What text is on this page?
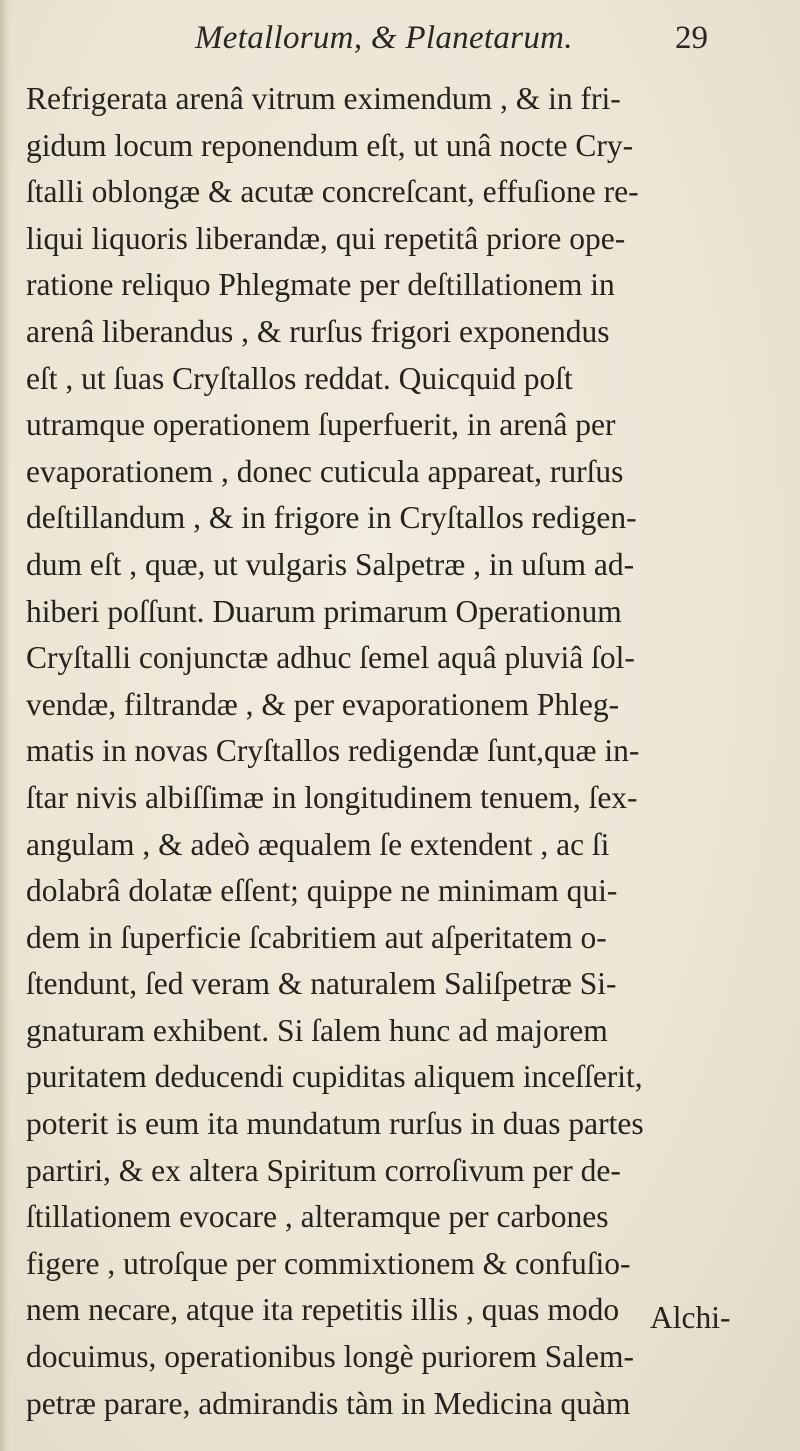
Metallorum, & Planetarum.	29
Refrigerata arenâ vitrum eximendum , & in fri-
gidum locum reponendum eſt, ut unâ nocte Cry-
ſtalli oblongæ & acutæ concreſcant, effuſione re-
liqui liquoris liberandæ, qui repetitâ priore ope-
ratione reliquo Phlegmate per deſtillationem in
arenâ liberandus , & rurſus frigori exponendus
eſt , ut ſuas Cryſtallos reddat. Quicquid poſt
utramque operationem ſuperfuerit, in arenâ per
evaporationem , donec cuticula appareat, rurſus
deſtillandum , & in frigore in Cryſtallos redigen-
dum eſt , quæ, ut vulgaris Salpetræ , in uſum ad-
hiberi poſſunt. Duarum primarum Operationum
Cryſtalli conjunctæ adhuc ſemel aquâ pluviâ ſol-
vendæ, filtrandæ , & per evaporationem Phleg-
matis in novas Cryſtallos redigendæ ſunt,quæ in-
ſtar nivis albiſſimæ in longitudinem tenuem, ſex-
angulam , & adeò æqualem ſe extendent , ac ſi
dolabrâ dolatæ eſſent; quippe ne minimam qui-
dem in ſuperficie ſcabritiem aut aſperitatem o-
ſtendunt, ſed veram & naturalem Saliſpetræ Si-
gnaturam exhibent. Si ſalem hunc ad majorem
puritatem deducendi cupiditas aliquem inceſſerit,
poterit is eum ita mundatum rurſus in duas partes
partiri, & ex altera Spiritum corroſivum per de-
ſtillationem evocare , alteramque per carbones
figere , utroſque per commixtionem & confuſio-
nem necare, atque ita repetitis illis , quas modo
docuimus, operationibus longè puriorem Salem-
petræ parare, admirandis tàm in Medicina quàm
Alchi-
